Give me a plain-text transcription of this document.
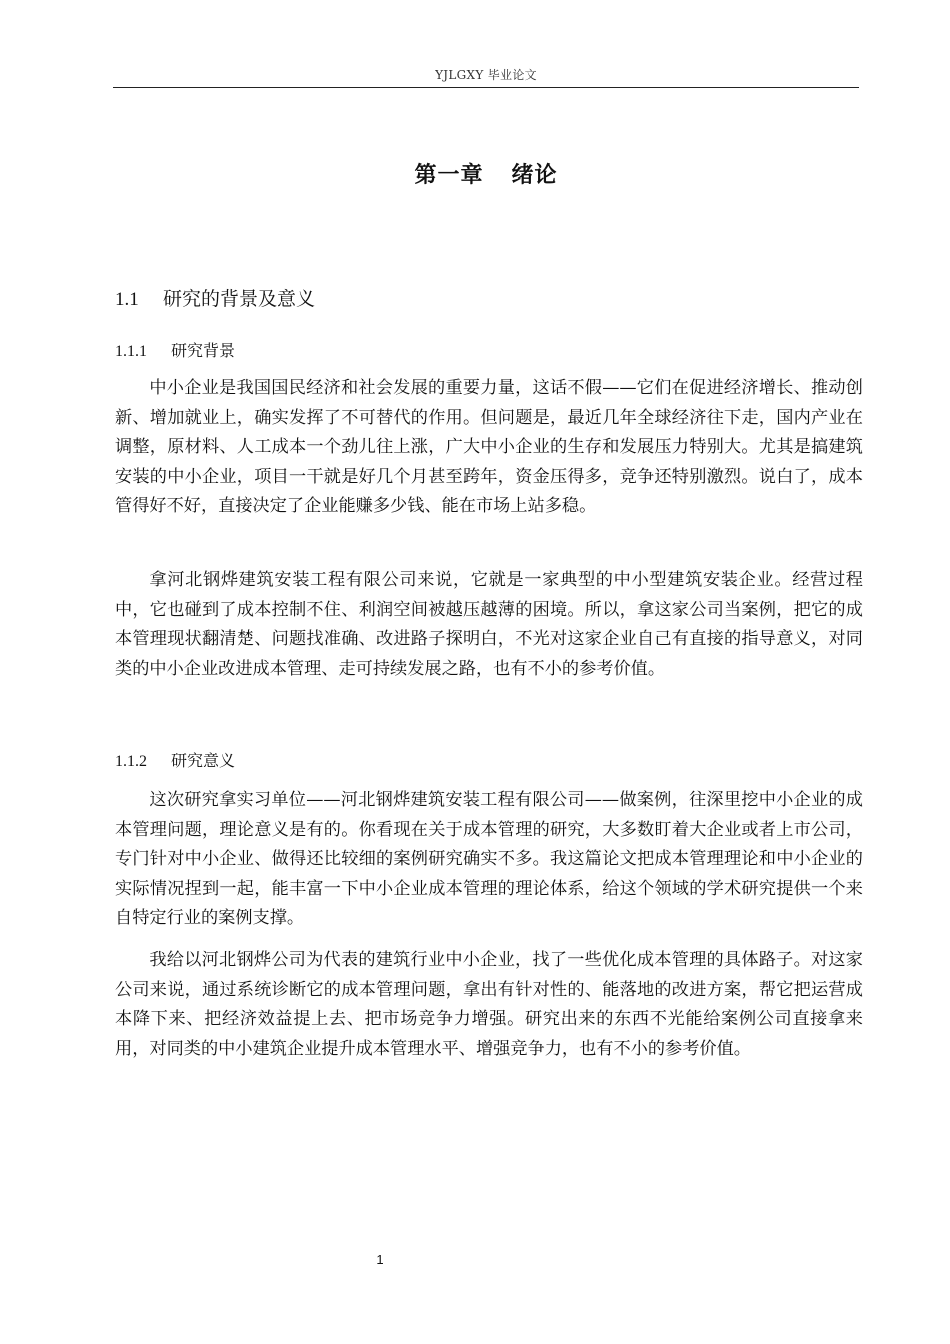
YJLGXY 毕业论文
第一章 绪论
1.1 研究的背景及意义
1.1.1 研究背景

中小企业是我国国民经济和社会发展的重要力量，这话不假——它们在促进经济增长、推动创新、增加就业上，确实发挥了不可替代的作用。但问题是，最近几年全球经济往下走，国内产业在调整，原材料、人工成本一个劲儿往上涨，广大中小企业的生存和发展压力特别大。尤其是搞建筑安装的中小企业，项目一干就是好几个月甚至跨年，资金压得多，竞争还特别激烈。说白了，成本管得好不好，直接决定了企业能赚多少钱、能在市场上站多稳。

拿河北钢烨建筑安装工程有限公司来说，它就是一家典型的中小型建筑安装企业。经营过程中，它也碰到了成本控制不住、利润空间被越压越薄的困境。所以，拿这家公司当案例，把它的成本管理现状翻清楚、问题找准确、改进路子探明白，不光对这家企业自己有直接的指导意义，对同类的中小企业改进成本管理、走可持续发展之路，也有不小的参考价值。

1.1.2 研究意义

这次研究拿实习单位——河北钢烨建筑安装工程有限公司——做案例，往深里挖中小企业的成本管理问题，理论意义是有的。你看现在关于成本管理的研究，大多数盯着大企业或者上市公司，专门针对中小企业、做得还比较细的案例研究确实不多。我这篇论文把成本管理理论和中小企业的实际情况捏到一起，能丰富一下中小企业成本管理的理论体系，给这个领域的学术研究提供一个来自特定行业的案例支撑。

我给以河北钢烨公司为代表的建筑行业中小企业，找了一些优化成本管理的具体路子。对这家公司来说，通过系统诊断它的成本管理问题，拿出有针对性的、能落地的改进方案，帮它把运营成本降下来、把经济效益提上去、把市场竞争力增强。研究出来的东西不光能给案例公司直接拿来用，对同类的中小建筑企业提升成本管理水平、增强竞争力，也有不小的参考价值。

1
